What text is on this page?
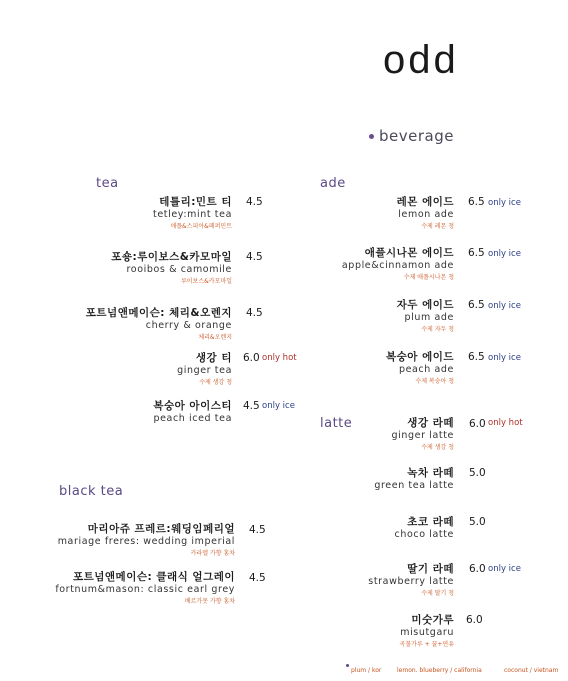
odd
beverage
tea
black tea
ade
latte
테틀리:민트 티
tetley:mint tea
애플&스피아&페퍼민트
4.5
포숑:루이보스&카모마일
rooibos & camomile
루이보스&카모마일
4.5
포트넘앤메이슨: 체리&오렌지
cherry & orange
체리&오렌지
4.5
생강 티
ginger tea
수제 생강 청
6.0 only hot
복숭아 아이스티
peach iced tea
4.5 only ice
마리아쥬 프레르:웨딩임페리얼
mariage freres: wedding imperial
카라멜 가향 홍차
4.5
포트넘앤메이슨: 클래식 얼그레이
fortnum&mason: classic earl grey
베르가못 가향 홍차
4.5
레몬 에이드
lemon ade
수제 레몬 청
6.5 only ice
애플시나몬 에이드
apple&cinnamon ade
수제 애플시나몬 청
6.5 only ice
자두 에이드
plum ade
수제 자두 청
6.5 only ice
복숭아 에이드
peach ade
수제 복숭아 청
6.5 only ice
생강 라떼
ginger latte
수제 생강 청
6.0 only hot
녹차 라떼
green tea latte
5.0
초코 라떼
choco latte
5.0
딸기 라떼
strawberry latte
수제 딸기 청
6.0 only ice
미숫가루
misutgaru
곡물가루 + 꿀+연유
6.0
plum / kor	lemon. blueberry / california	coconut / vietnam
